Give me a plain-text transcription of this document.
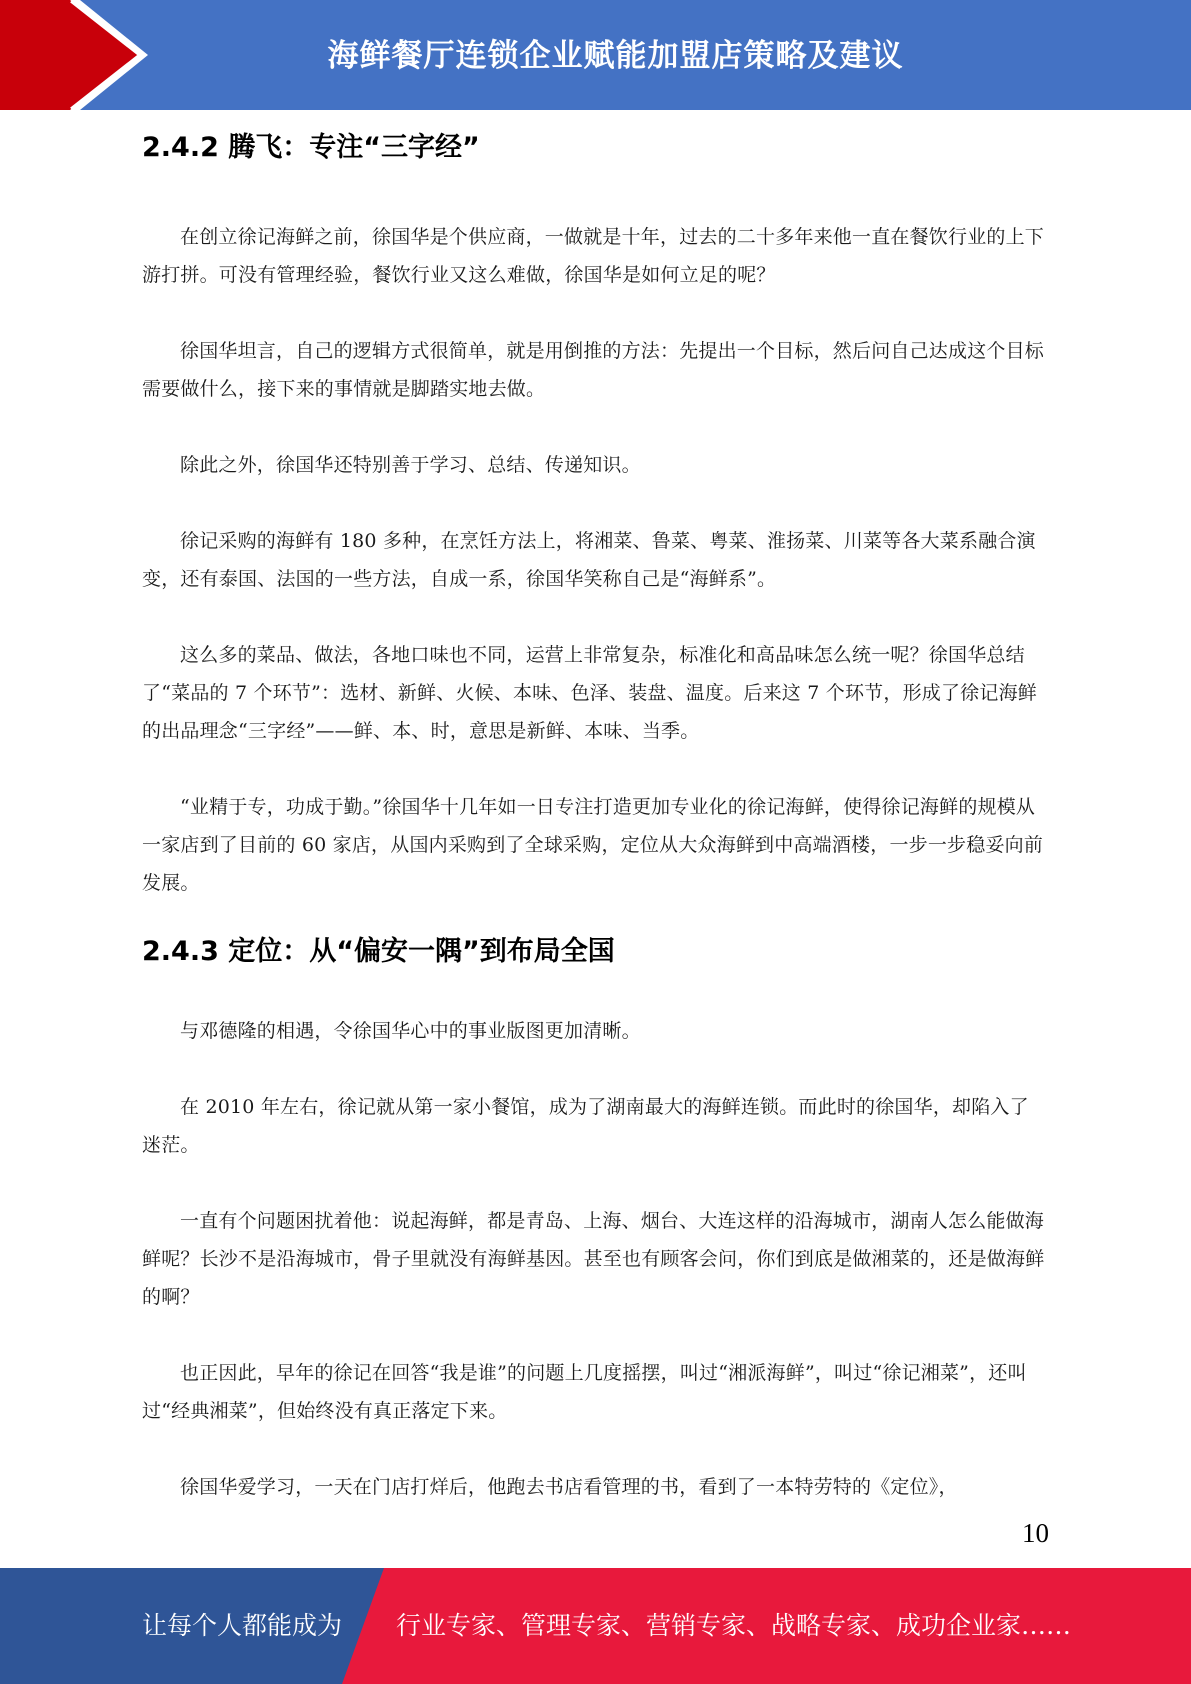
海鲜餐厅连锁企业赋能加盟店策略及建议
2.4.2 腾飞：专注“三字经”

在创立徐记海鲜之前，徐国华是个供应商，一做就是十年，过去的二十多年来他一直在餐饮行业的上下游打拼。可没有管理经验，餐饮行业又这么难做，徐国华是如何立足的呢？

徐国华坦言，自己的逻辑方式很简单，就是用倒推的方法：先提出一个目标，然后问自己达成这个目标需要做什么，接下来的事情就是脚踏实地去做。

除此之外，徐国华还特别善于学习、总结、传递知识。

徐记采购的海鲜有 180 多种，在烹饪方法上，将湘菜、鲁菜、粤菜、淮扬菜、川菜等各大菜系融合演变，还有泰国、法国的一些方法，自成一系，徐国华笑称自己是“海鲜系”。

这么多的菜品、做法，各地口味也不同，运营上非常复杂，标准化和高品味怎么统一呢？徐国华总结了“菜品的 7 个环节”：选材、新鲜、火候、本味、色泽、装盘、温度。后来这 7 个环节，形成了徐记海鲜的出品理念“三字经”——鲜、本、时，意思是新鲜、本味、当季。

“业精于专，功成于勤。”徐国华十几年如一日专注打造更加专业化的徐记海鲜，使得徐记海鲜的规模从一家店到了目前的 60 家店，从国内采购到了全球采购，定位从大众海鲜到中高端酒楼，一步一步稳妥向前发展。

2.4.3 定位：从“偏安一隅”到布局全国

与邓德隆的相遇，令徐国华心中的事业版图更加清晰。

在 2010 年左右，徐记就从第一家小餐馆，成为了湖南最大的海鲜连锁。而此时的徐国华，却陷入了迷茫。

一直有个问题困扰着他：说起海鲜，都是青岛、上海、烟台、大连这样的沿海城市，湖南人怎么能做海鲜呢？长沙不是沿海城市，骨子里就没有海鲜基因。甚至也有顾客会问，你们到底是做湘菜的，还是做海鲜的啊？

也正因此，早年的徐记在回答“我是谁”的问题上几度摇摆，叫过“湘派海鲜”，叫过“徐记湘菜”，还叫过“经典湘菜”，但始终没有真正落定下来。

徐国华爱学习，一天在门店打烊后，他跑去书店看管理的书，看到了一本特劳特的《定位》，

10
让每个人都能成为 行业专家、管理专家、营销专家、战略专家、成功企业家……
